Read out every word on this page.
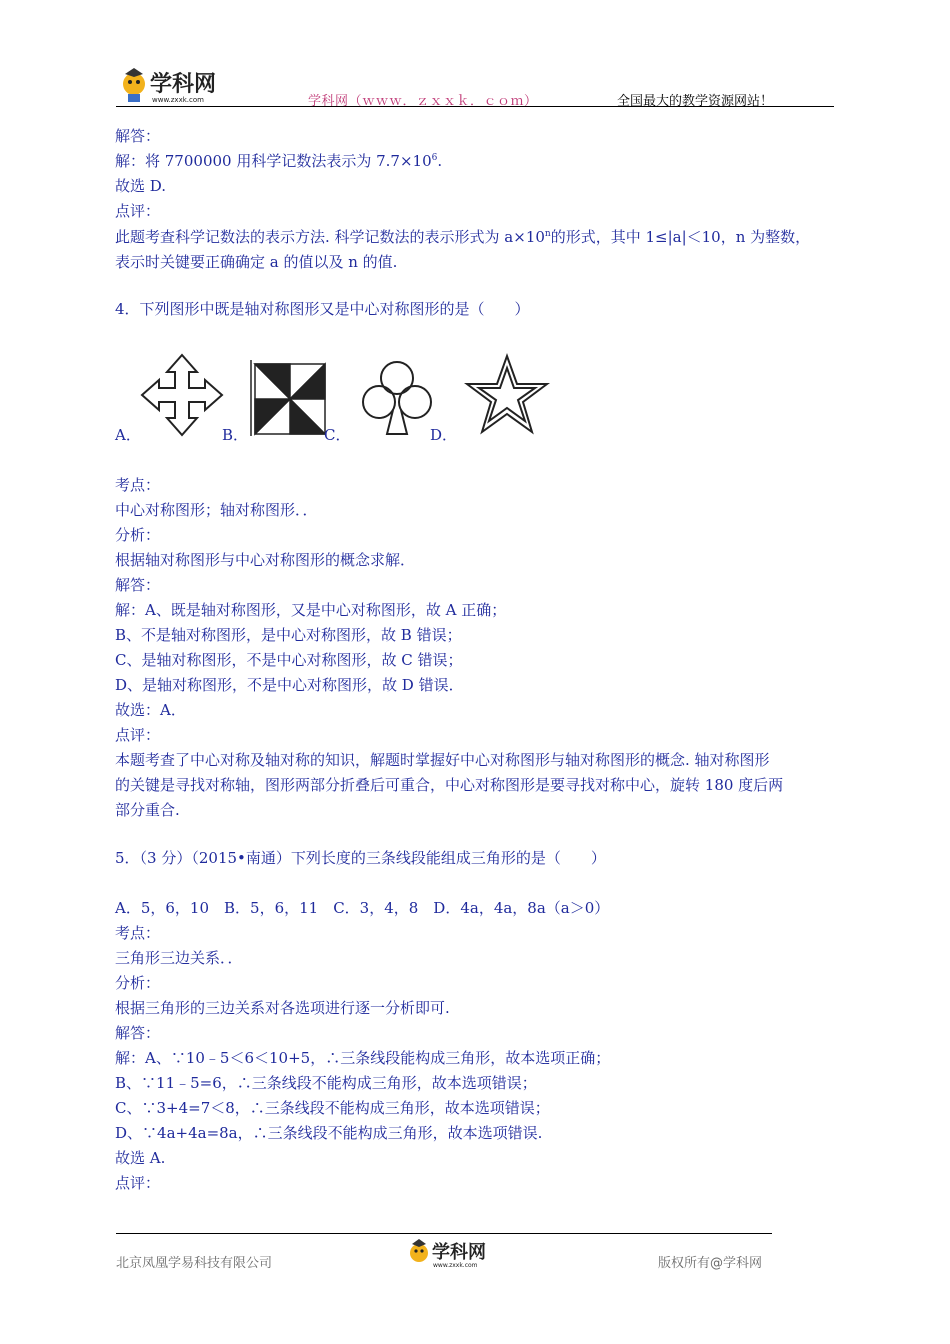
学科网
www.zxxk.com	学科网（ｗｗｗ．ｚｘｘｋ．ｃｏｍ）	全国最大的教学资源网站！
解答：
解：将 7700000 用科学记数法表示为 $7.7\times 10^6$.
故选 D.
点评：
此题考查科学记数法的表示方法. 科学记数法的表示形式为 $a\times 10^n$的形式，其中 1≤|a|＜10，n 为整数，
表示时关键要正确确定 a 的值以及 n 的值.
4．下列图形中既是轴对称图形又是中心对称图形的是（　　）
A．	B．	C．	D．
考点：
中心对称图形；轴对称图形．．
分析：
根据轴对称图形与中心对称图形的概念求解．
解答：
解：A、既是轴对称图形，又是中心对称图形，故 A 正确；
B、不是轴对称图形，是中心对称图形，故 B 错误；
C、是轴对称图形，不是中心对称图形，故 C 错误；
D、是轴对称图形，不是中心对称图形，故 D 错误．
故选：A．
点评：
本题考查了中心对称及轴对称的知识，解题时掌握好中心对称图形与轴对称图形的概念. 轴对称图形
的关键是寻找对称轴，图形两部分折叠后可重合，中心对称图形是要寻找对称中心，旋转 180 度后两
部分重合.
5．（3 分）（2015•南通）下列长度的三条线段能组成三角形的是（　　）
A．5，6，10　B．5，6，11　C．3，4，8　D．4a，4a，8a（a＞0）
考点：
三角形三边关系．．
分析：
根据三角形的三边关系对各选项进行逐一分析即可.
解答：
解：A、∵10﹣5＜6＜10+5，∴三条线段能构成三角形，故本选项正确；
B、∵11﹣5=6，∴三条线段不能构成三角形，故本选项错误；
C、∵3+4=7＜8，∴三条线段不能构成三角形，故本选项错误；
D、∵4a+4a=8a，∴三条线段不能构成三角形，故本选项错误.
故选 A.
点评：
北京凤凰学易科技有限公司
学科网
www.zxxk.com	版权所有@学科网
